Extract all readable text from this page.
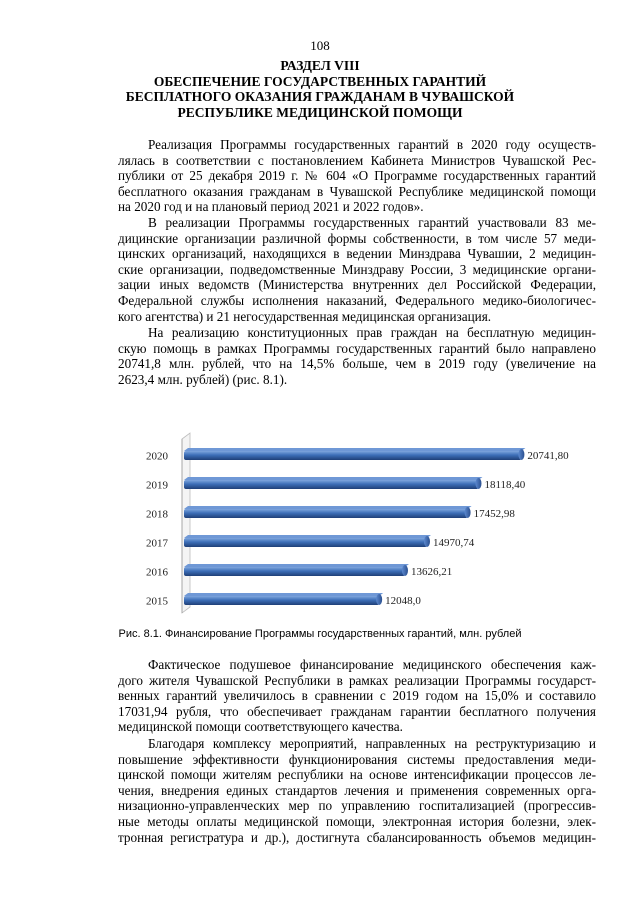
108
РАЗДЕЛ VIII
ОБЕСПЕЧЕНИЕ ГОСУДАРСТВЕННЫХ ГАРАНТИЙ
БЕСПЛАТНОГО ОКАЗАНИЯ ГРАЖДАНАМ В ЧУВАШСКОЙ
РЕСПУБЛИКЕ МЕДИЦИНСКОЙ ПОМОЩИ
Реализация Программы государственных гарантий в 2020 году осуществ-
лялась в соответствии с постановлением Кабинета Министров Чувашской Рес-
публики от 25 декабря 2019 г. № 604 «О Программе государственных гарантий
бесплатного оказания гражданам в Чувашской Республике медицинской помощи
на 2020 год и на плановый период 2021 и 2022 годов».
В реализации Программы государственных гарантий участвовали 83 ме-
дицинские организации различной формы собственности, в том числе 57 меди-
цинских организаций, находящихся в ведении Минздрава Чувашии, 2 медицин-
ские организации, подведомственные Минздраву России, 3 медицинские органи-
зации иных ведомств (Министерства внутренних дел Российской Федерации,
Федеральной службы исполнения наказаний, Федерального медико-биологичес-
кого агентства) и 21 негосударственная медицинская организация.
На реализацию конституционных прав граждан на бесплатную медицин-
скую помощь в рамках Программы государственных гарантий было направлено
20741,8 млн. рублей, что на 14,5% больше, чем в 2019 году (увеличение на
2623,4 млн. рублей) (рис. 8.1).
2020	20741,80
2019	18118,40
2018	17452,98
2017	14970,74
2016	13626,21
2015	12048,0
Рис. 8.1. Финансирование Программы государственных гарантий, млн. рублей
Фактическое подушевое финансирование медицинского обеспечения каж-
дого жителя Чувашской Республики в рамках реализации Программы государст-
венных гарантий увеличилось в сравнении с 2019 годом на 15,0% и составило
17031,94 рубля, что обеспечивает гражданам гарантии бесплатного получения
медицинской помощи соответствующего качества.
Благодаря комплексу мероприятий, направленных на реструктуризацию и
повышение эффективности функционирования системы предоставления меди-
цинской помощи жителям республики на основе интенсификации процессов ле-
чения, внедрения единых стандартов лечения и применения современных орга-
низационно-управленческих мер по управлению госпитализацией (прогрессив-
ные методы оплаты медицинской помощи, электронная история болезни, элек-
тронная регистратура и др.), достигнута сбалансированность объемов медицин-
